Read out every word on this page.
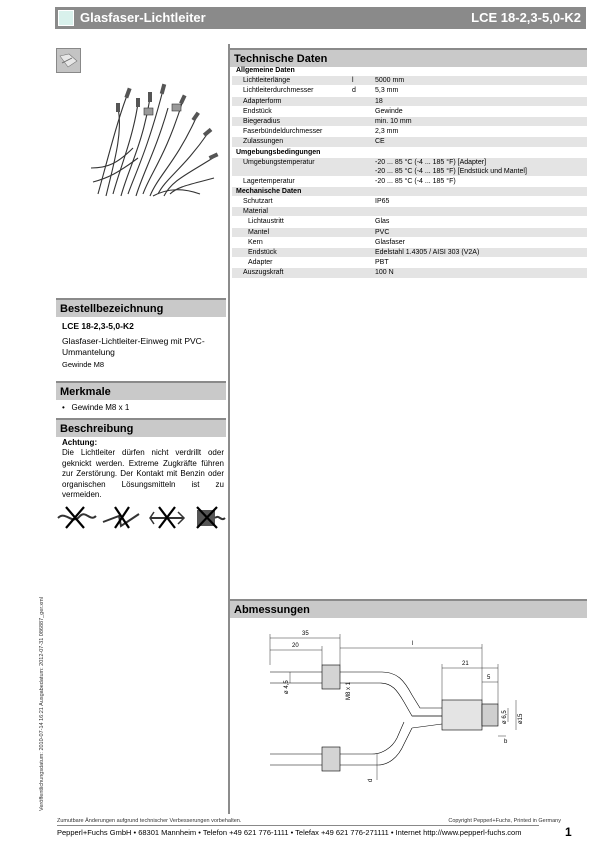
Glasfaser-Lichtleiter	LCE 18-2,3-5,0-K2
Technische Daten
Allgemeine Daten
Lichtleiterlänge	l	5000 mm
Lichtleiterdurchmesser	d	5,3 mm
Adapterform	18
Endstück	Gewinde
Biegeradius	min. 10 mm
Faserbündeldurchmesser	2,3 mm
Zulassungen	CE
Umgebungsbedingungen
Umgebungstemperatur	-20 ... 85 °C (-4 ... 185 °F) [Adapter]
-20 ... 85 °C (-4 ... 185 °F) [Endstück und Mantel]
Lagertemperatur	-20 ... 85 °C (-4 ... 185 °F)
Mechanische Daten
Schutzart	IP65
Material
Lichtaustritt	Glas
Mantel	PVC
Kern	Glasfaser
Endstück	Edelstahl 1.4305 / AISI 303 (V2A)
Adapter	PBT
Auszugskraft	100 N
Bestellbezeichnung
LCE 18-2,3-5,0-K2
Glasfaser-Lichtleiter-Einweg mit PVC-Ummantelung
Gewinde M8
Merkmale
•   Gewinde M8 x 1
Beschreibung
Achtung:
Die Lichtleiter dürfen nicht verdrillt oder geknickt werden. Extreme Zugkräfte führen zur Zerstörung. Der Kontakt mit Benzin oder organischen Lösungsmitteln ist zu vermeiden.
Veröffentlichungsdatum: 2010-07-14 16:21 Ausgabedatum: 2012-07-31 086887_ger.xml	Abmessungen
35
20	l
21
5
ø 4,5	M8 x 1
ø 6,5 ø15
b
d
Zumutbare Änderungen aufgrund technischer Verbesserungen vorbehalten.	Copyright Pepperl+Fuchs, Printed in Germany
Pepperl+Fuchs GmbH • 68301 Mannheim • Telefon +49 621 776-1111 • Telefax +49 621 776-271111 • Internet http://www.pepperl-fuchs.com	1
